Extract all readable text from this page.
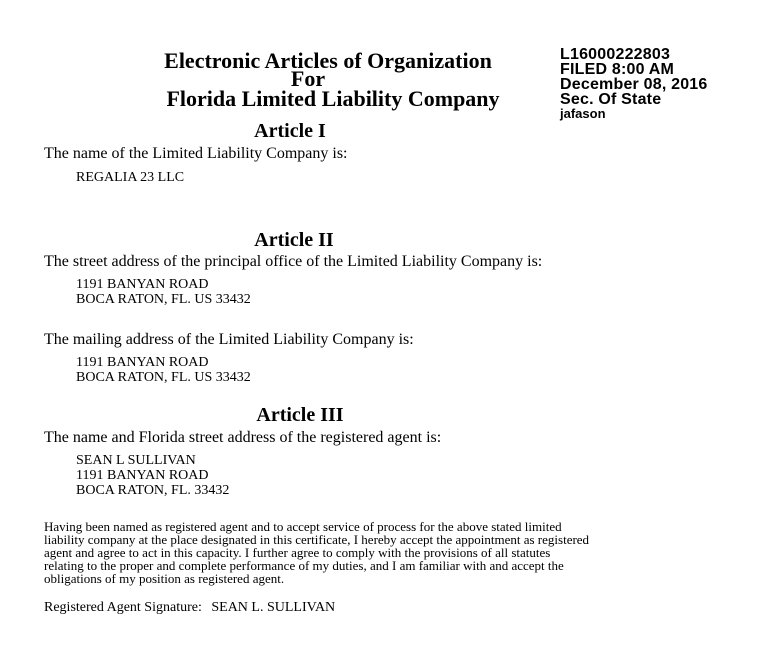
Electronic Articles of Organization
For
Florida Limited Liability Company
L16000222803
FILED 8:00 AM
December 08, 2016
Sec. Of State
jafason
Article I
The name of the Limited Liability Company is:
REGALIA 23 LLC
Article II
The street address of the principal office of the Limited Liability Company is:
1191 BANYAN ROAD
BOCA RATON, FL. US 33432
The mailing address of the Limited Liability Company is:
1191 BANYAN ROAD
BOCA RATON, FL. US 33432
Article III
The name and Florida street address of the registered agent is:
SEAN L SULLIVAN
1191 BANYAN ROAD
BOCA RATON, FL. 33432
Having been named as registered agent and to accept service of process for the above stated limited
liability company at the place designated in this certificate, I hereby accept the appointment as registered
agent and agree to act in this capacity. I further agree to comply with the provisions of all statutes
relating to the proper and complete performance of my duties, and I am familiar with and accept the
obligations of my position as registered agent.
Registered Agent Signature: SEAN L. SULLIVAN
